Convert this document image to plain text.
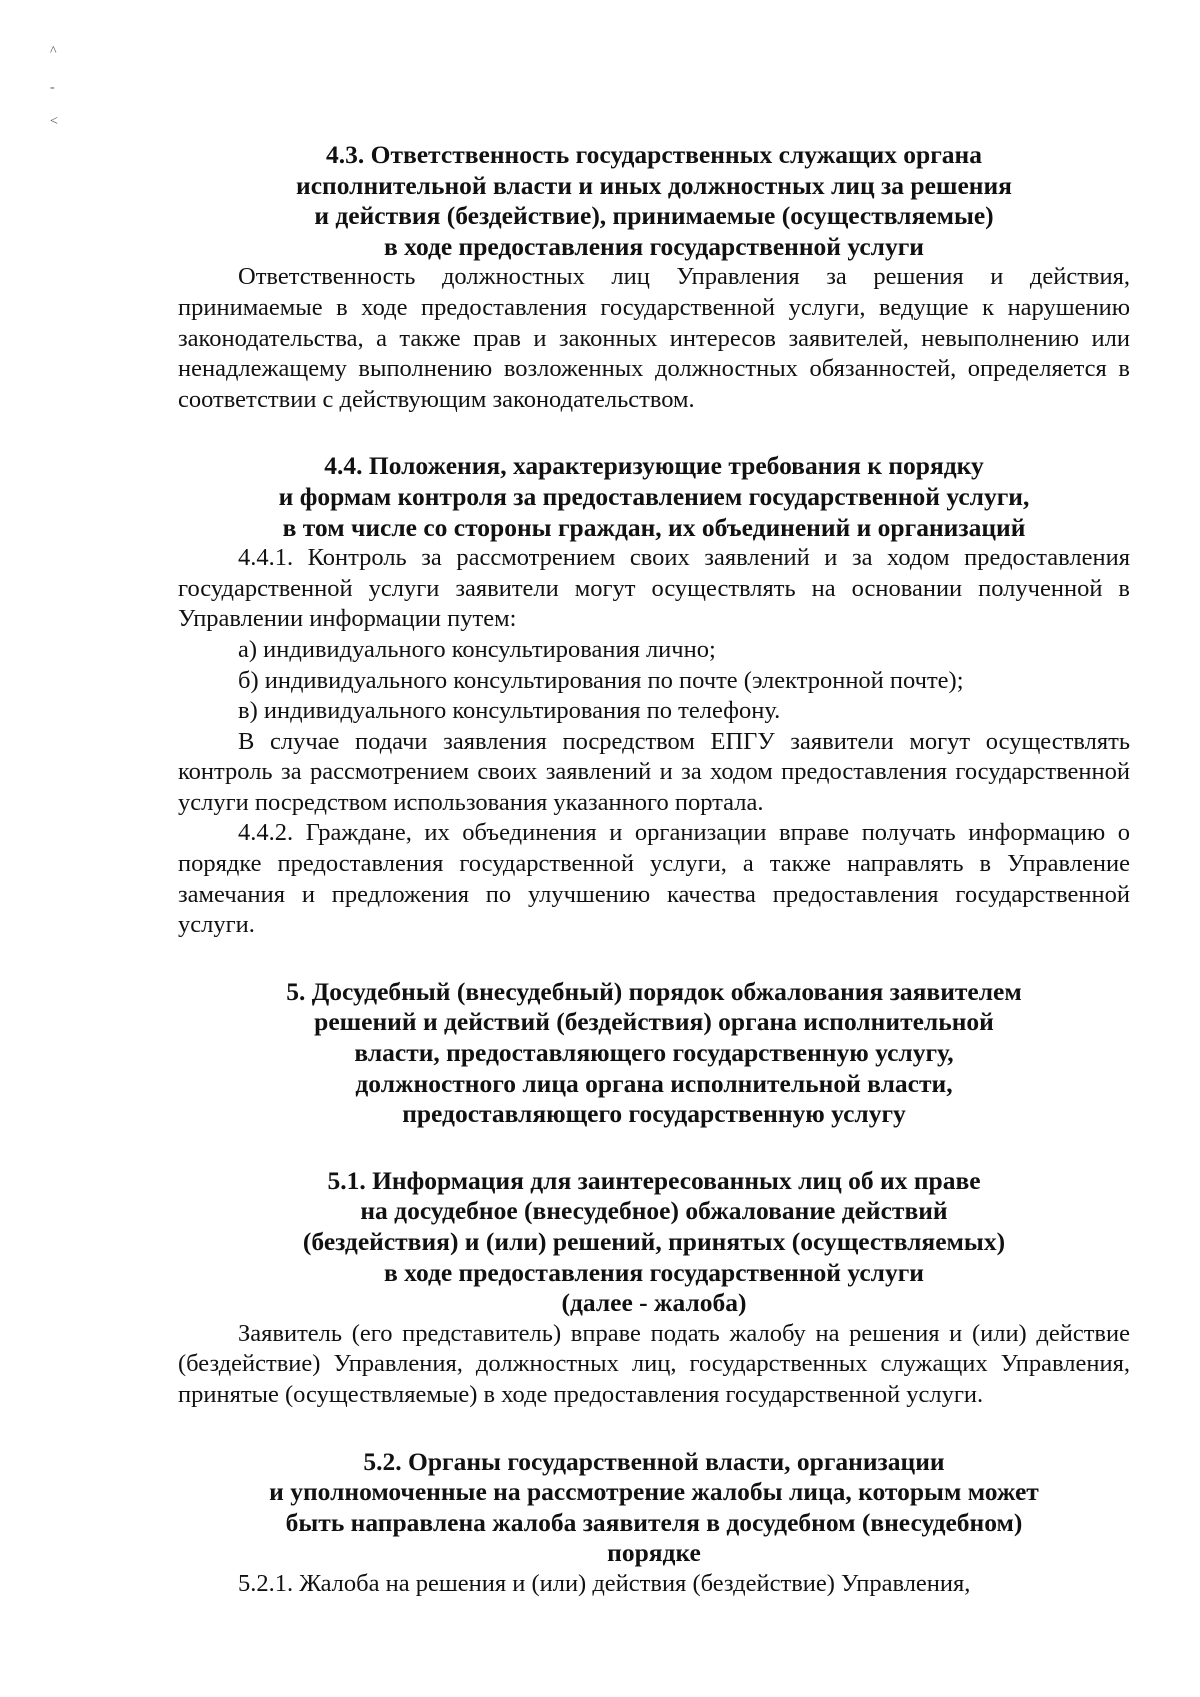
^
-
<
4.3. Ответственность государственных служащих органа
исполнительной власти и иных должностных лиц за решения
и действия (бездействие), принимаемые (осуществляемые)
в ходе предоставления государственной услуги

Ответственность должностных лиц Управления за решения и действия, принимаемые в ходе предоставления государственной услуги, ведущие к нарушению законодательства, а также прав и законных интересов заявителей, невыполнению или ненадлежащему выполнению возложенных должностных обязанностей, определяется в соответствии с действующим законодательством.

4.4. Положения, характеризующие требования к порядку
и формам контроля за предоставлением государственной услуги,
в том числе со стороны граждан, их объединений и организаций

4.4.1. Контроль за рассмотрением своих заявлений и за ходом предоставления государственной услуги заявители могут осуществлять на основании полученной в Управлении информации путем:

а) индивидуального консультирования лично;

б) индивидуального консультирования по почте (электронной почте);

в) индивидуального консультирования по телефону.

В случае подачи заявления посредством ЕПГУ заявители могут осуществлять контроль за рассмотрением своих заявлений и за ходом предоставления государственной услуги посредством использования указанного портала.

4.4.2. Граждане, их объединения и организации вправе получать информацию о порядке предоставления государственной услуги, а также направлять в Управление замечания и предложения по улучшению качества предоставления государственной услуги.

5. Досудебный (внесудебный) порядок обжалования заявителем
решений и действий (бездействия) органа исполнительной
власти, предоставляющего государственную услугу,
должностного лица органа исполнительной власти,
предоставляющего государственную услугу
5.1. Информация для заинтересованных лиц об их праве
на досудебное (внесудебное) обжалование действий
(бездействия) и (или) решений, принятых (осуществляемых)
в ходе предоставления государственной услуги
(далее - жалоба)

Заявитель (его представитель) вправе подать жалобу на решения и (или) действие (бездействие) Управления, должностных лиц, государственных служащих Управления, принятые (осуществляемые) в ходе предоставления государственной услуги.

5.2. Органы государственной власти, организации
и уполномоченные на рассмотрение жалобы лица, которым может
быть направлена жалоба заявителя в досудебном (внесудебном)
порядке

5.2.1. Жалоба на решения и (или) действия (бездействие) Управления,
